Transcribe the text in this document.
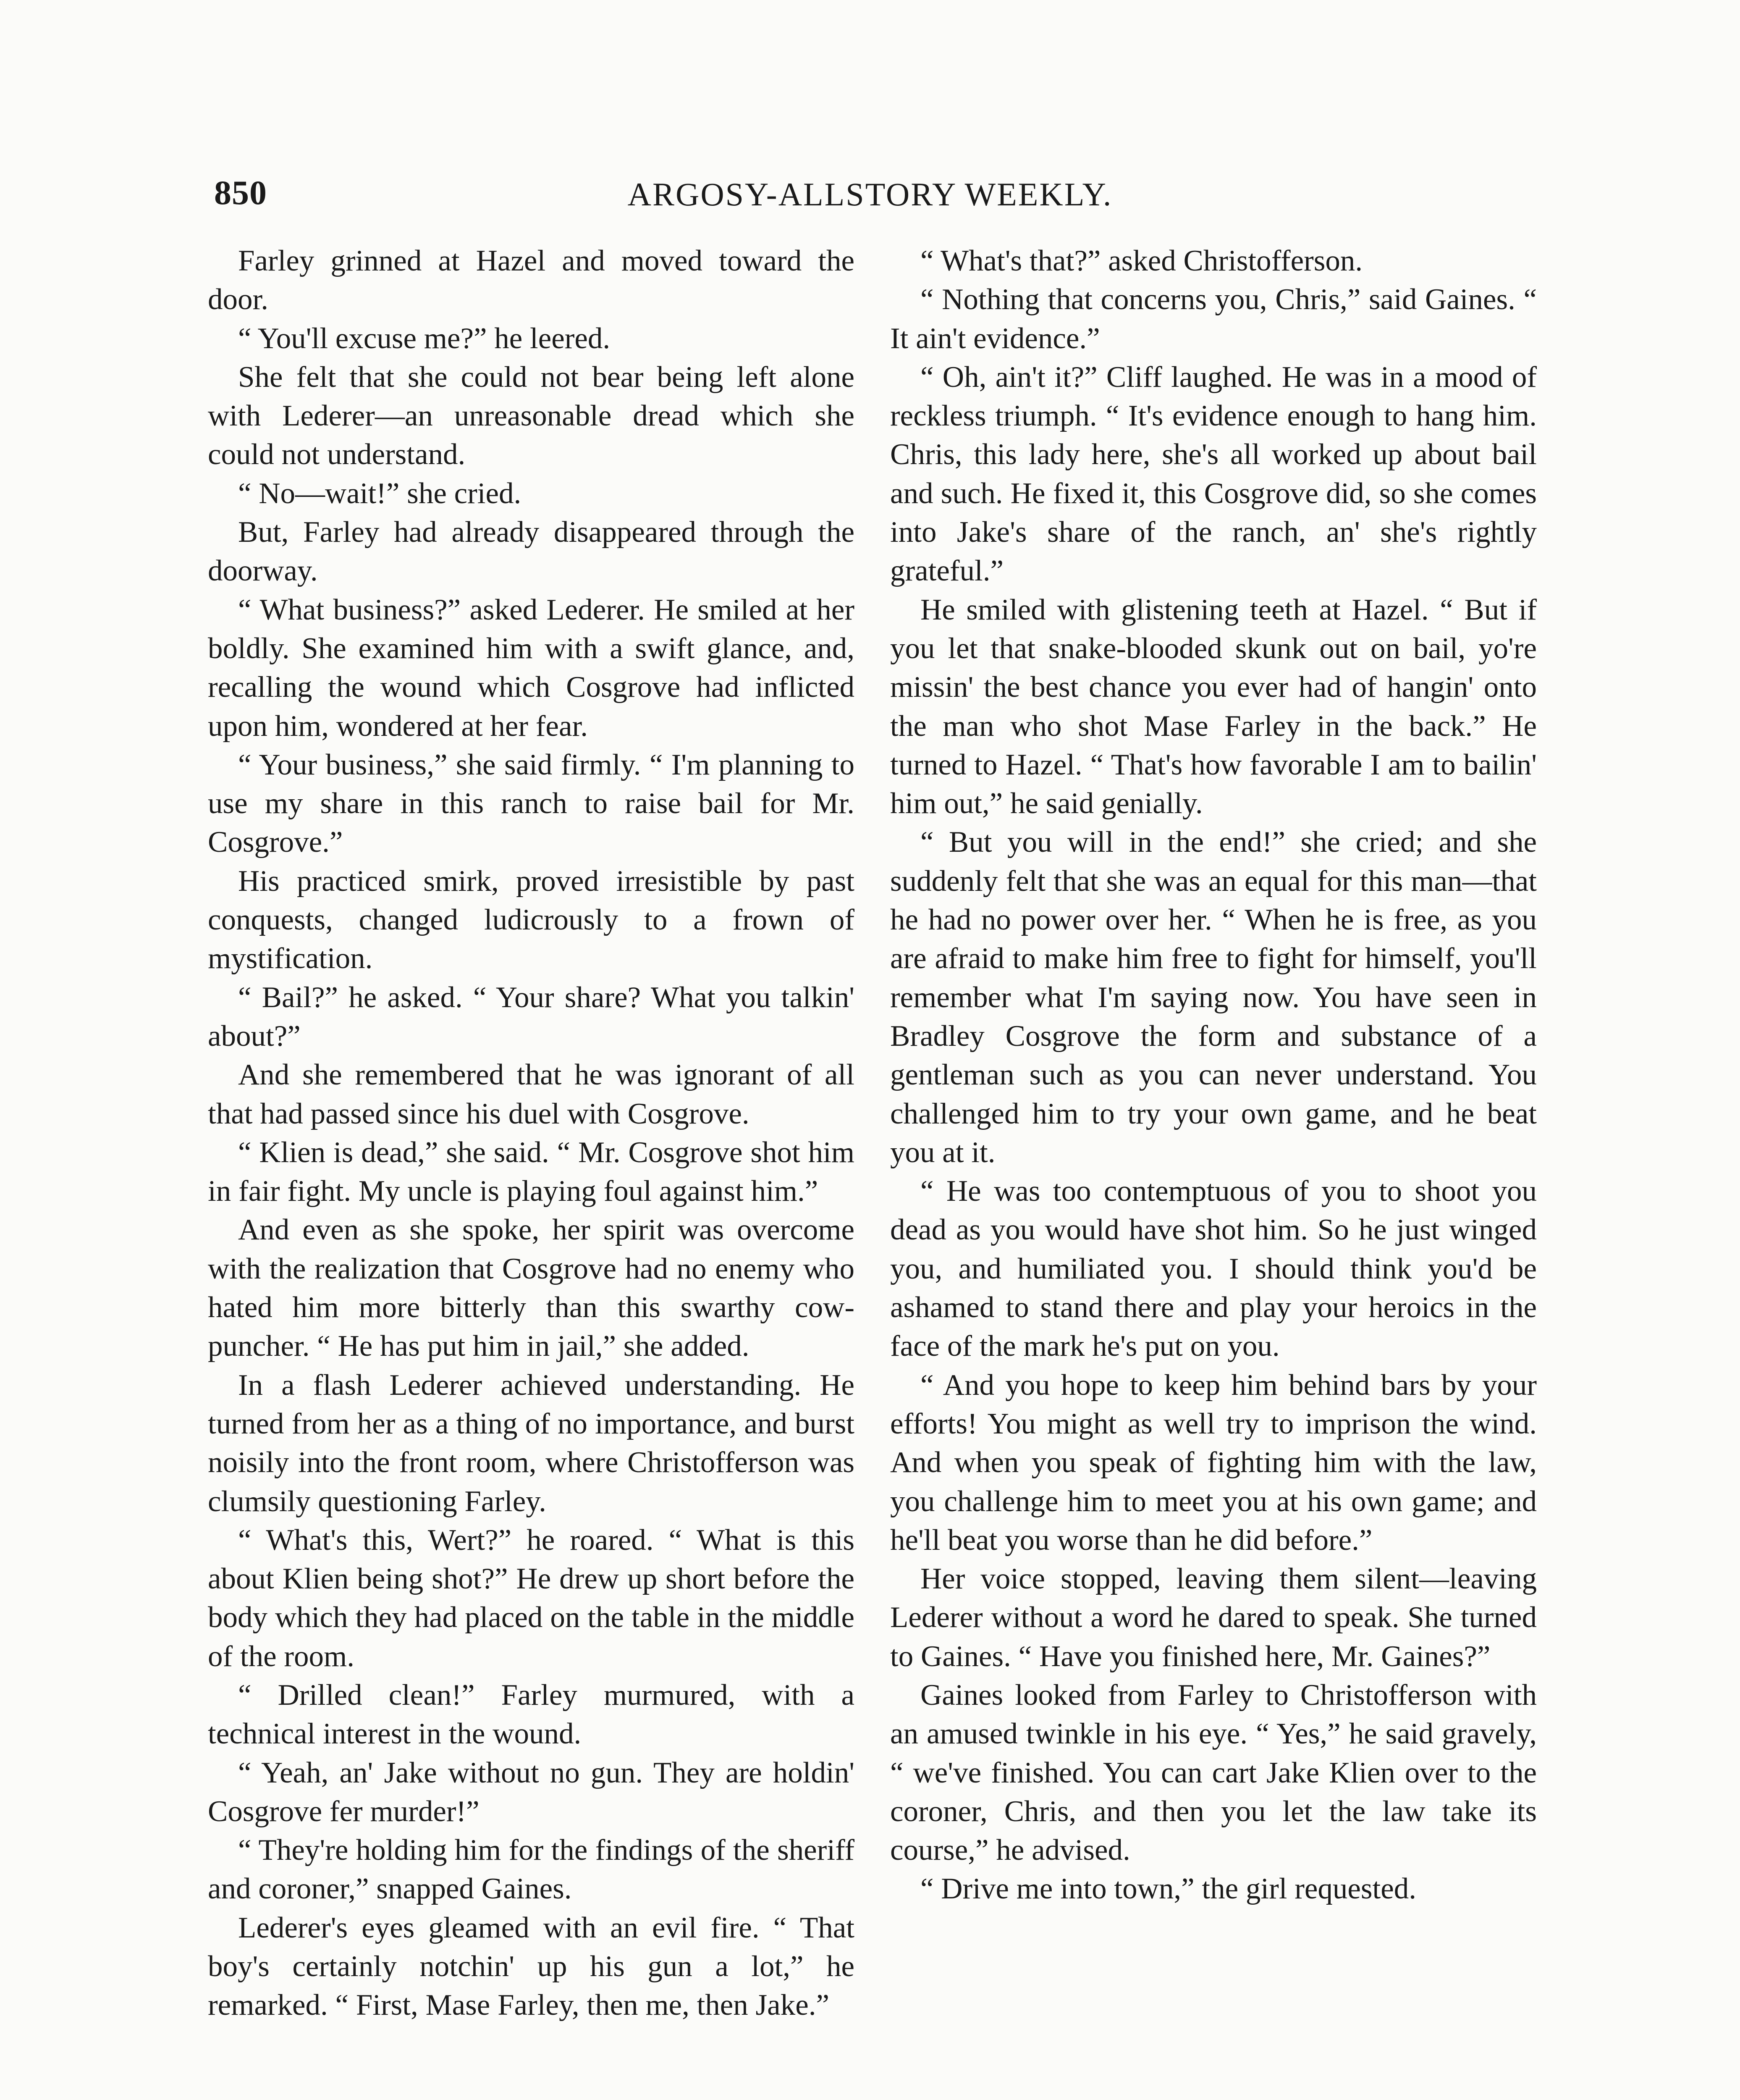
850	ARGOSY-ALLSTORY WEEKLY.

Farley grinned at Hazel and moved toward the door.

“ You'll excuse me?” he leered.

She felt that she could not bear being left alone with Lederer—an unreasonable dread which she could not understand.

“ No—wait!” she cried.

But, Farley had already disappeared through the doorway.

“ What business?” asked Lederer. He smiled at her boldly. She examined him with a swift glance, and, recalling the wound which Cosgrove had inflicted upon him, wondered at her fear.

“ Your business,” she said firmly. “ I'm planning to use my share in this ranch to raise bail for Mr. Cosgrove.”

His practiced smirk, proved irresistible by past conquests, changed ludicrously to a frown of mystification.

“ Bail?” he asked. “ Your share? What you talkin' about?”

And she remembered that he was ignorant of all that had passed since his duel with Cosgrove.

“ Klien is dead,” she said. “ Mr. Cosgrove shot him in fair fight. My uncle is playing foul against him.”

And even as she spoke, her spirit was overcome with the realization that Cosgrove had no enemy who hated him more bitterly than this swarthy cow-puncher. “ He has put him in jail,” she added.

In a flash Lederer achieved understanding. He turned from her as a thing of no importance, and burst noisily into the front room, where Christofferson was clumsily questioning Farley.

“ What's this, Wert?” he roared. “ What is this about Klien being shot?” He drew up short before the body which they had placed on the table in the middle of the room.

“ Drilled clean!” Farley murmured, with a technical interest in the wound.

“ Yeah, an' Jake without no gun. They are holdin' Cosgrove fer murder!”

“ They're holding him for the findings of the sheriff and coroner,” snapped Gaines.

Lederer's eyes gleamed with an evil fire. “ That boy's certainly notchin' up his gun a lot,” he remarked. “ First, Mase Farley, then me, then Jake.”

“ What's that?” asked Christofferson.

“ Nothing that concerns you, Chris,” said Gaines. “ It ain't evidence.”

“ Oh, ain't it?” Cliff laughed. He was in a mood of reckless triumph. “ It's evidence enough to hang him. Chris, this lady here, she's all worked up about bail and such. He fixed it, this Cosgrove did, so she comes into Jake's share of the ranch, an' she's rightly grateful.”

He smiled with glistening teeth at Hazel. “ But if you let that snake-blooded skunk out on bail, yo're missin' the best chance you ever had of hangin' onto the man who shot Mase Farley in the back.” He turned to Hazel. “ That's how favorable I am to bailin' him out,” he said genially.

“ But you will in the end!” she cried; and she suddenly felt that she was an equal for this man—that he had no power over her. “ When he is free, as you are afraid to make him free to fight for himself, you'll remember what I'm saying now. You have seen in Bradley Cosgrove the form and substance of a gentleman such as you can never understand. You challenged him to try your own game, and he beat you at it.

“ He was too contemptuous of you to shoot you dead as you would have shot him. So he just winged you, and humiliated you. I should think you'd be ashamed to stand there and play your heroics in the face of the mark he's put on you.

“ And you hope to keep him behind bars by your efforts! You might as well try to imprison the wind. And when you speak of fighting him with the law, you challenge him to meet you at his own game; and he'll beat you worse than he did before.”

Her voice stopped, leaving them silent—leaving Lederer without a word he dared to speak. She turned to Gaines. “ Have you finished here, Mr. Gaines?”

Gaines looked from Farley to Christofferson with an amused twinkle in his eye. “ Yes,” he said gravely, “ we've finished. You can cart Jake Klien over to the coroner, Chris, and then you let the law take its course,” he advised.

“ Drive me into town,” the girl requested.
